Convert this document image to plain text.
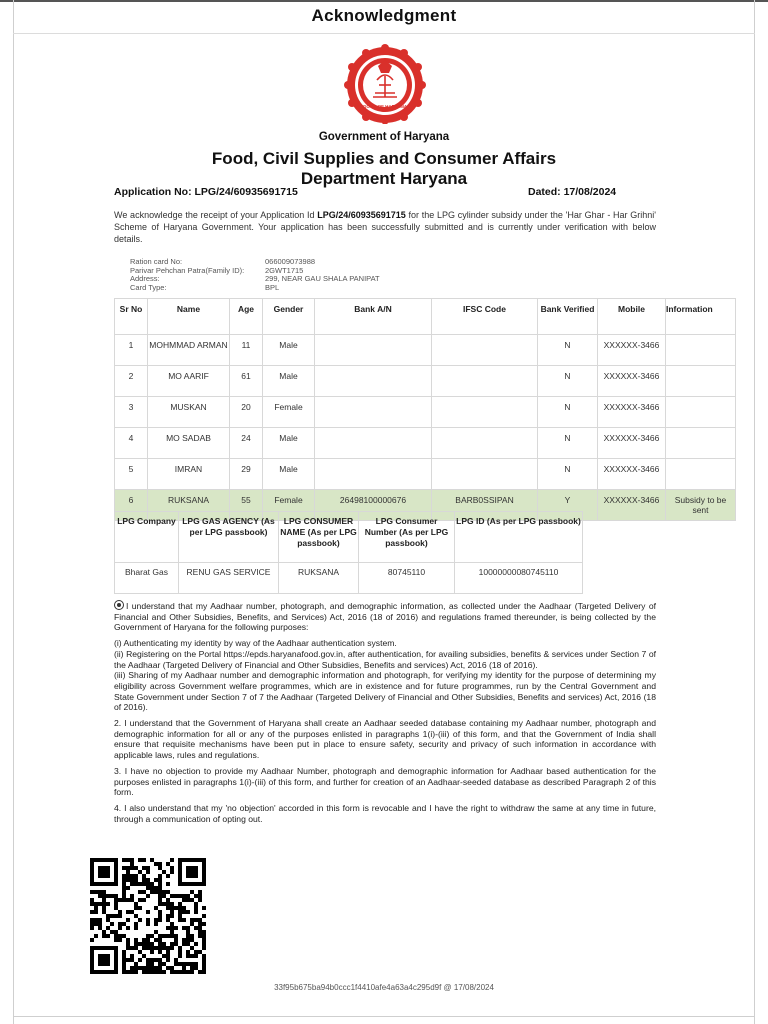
Acknowledgment
GOVT. OF HARYANA
Government of Haryana
Food, Civil Supplies and Consumer Affairs
Department Haryana
Application No: LPG/24/60935691715	Dated: 17/08/2024
We acknowledge the receipt of your Application Id LPG/24/60935691715 for the LPG cylinder subsidy under the 'Har Ghar - Har Grihni' Scheme of Haryana Government. Your application has been successfully submitted and is currently under verification with below details.
Ration card No:	066009073988
Parivar Pehchan Patra(Family ID):	2GWT1715
Address:	299, NEAR GAU SHALA PANIPAT
Card Type:	BPL
Sr No	Name	Age	Gender	Bank A/N	IFSC Code	Bank Verified	Mobile	Information
1	MOHMMAD ARMAN	11	Male			N	XXXXXX-3466	
2	MO AARIF	61	Male			N	XXXXXX-3466	
3	MUSKAN	20	Female			N	XXXXXX-3466	
4	MO SADAB	24	Male			N	XXXXXX-3466	
5	IMRAN	29	Male			N	XXXXXX-3466	
6	RUKSANA	55	Female	26498100000676	BARB0SSIPAN	Y	XXXXXX-3466	Subsidy to be sent
LPG Company	LPG GAS AGENCY (As per LPG passbook)	LPG CONSUMER NAME (As per LPG passbook)	LPG Consumer Number (As per LPG passbook)	LPG ID (As per LPG passbook)
Bharat Gas	RENU GAS SERVICE	RUKSANA	80745110	10000000080745110

I understand that my Aadhaar number, photograph, and demographic information, as collected under the Aadhaar (Targeted Delivery of Financial and Other Subsidies, Benefits, and Services) Act, 2016 (18 of 2016) and regulations framed thereunder, is being collected by the Government of Haryana for the following purposes:

(i) Authenticating my identity by way of the Aadhaar authentication system.
(ii) Registering on the Portal https://epds.haryanafood.gov.in, after authentication, for availing subsidies, benefits & services under Section 7 of the Aadhaar (Targeted Delivery of Financial and Other Subsidies, Benefits and services) Act, 2016 (18 of 2016).
(iii) Sharing of my Aadhaar number and demographic information and photograph, for verifying my identity for the purpose of determining my eligibility across Government welfare programmes, which are in existence and for future programmes, run by the Central Government and State Government under Section 7 of 7 the Aadhaar (Targeted Delivery of Financial and Other Subsidies, Benefits and services) Act, 2016 (18 of 2016).

2. I understand that the Government of Haryana shall create an Aadhaar seeded database containing my Aadhaar number, photograph and demographic information for all or any of the purposes enlisted in paragraphs 1(i)-(iii) of this form, and that the Government of India shall ensure that requisite mechanisms have been put in place to ensure safety, security and privacy of such information in accordance with applicable laws, rules and regulations.

3. I have no objection to provide my Aadhaar Number, photograph and demographic information for Aadhaar based authentication for the purposes enlisted in paragraphs 1(i)-(iii) of this form, and further for creation of an Aadhaar-seeded database as described Paragraph 2 of this form.

4. I also understand that my 'no objection' accorded in this form is revocable and I have the right to withdraw the same at any time in future, through a communication of opting out.

33f95b675ba94b0ccc1f4410afe4a63a4c295d9f @ 17/08/2024
